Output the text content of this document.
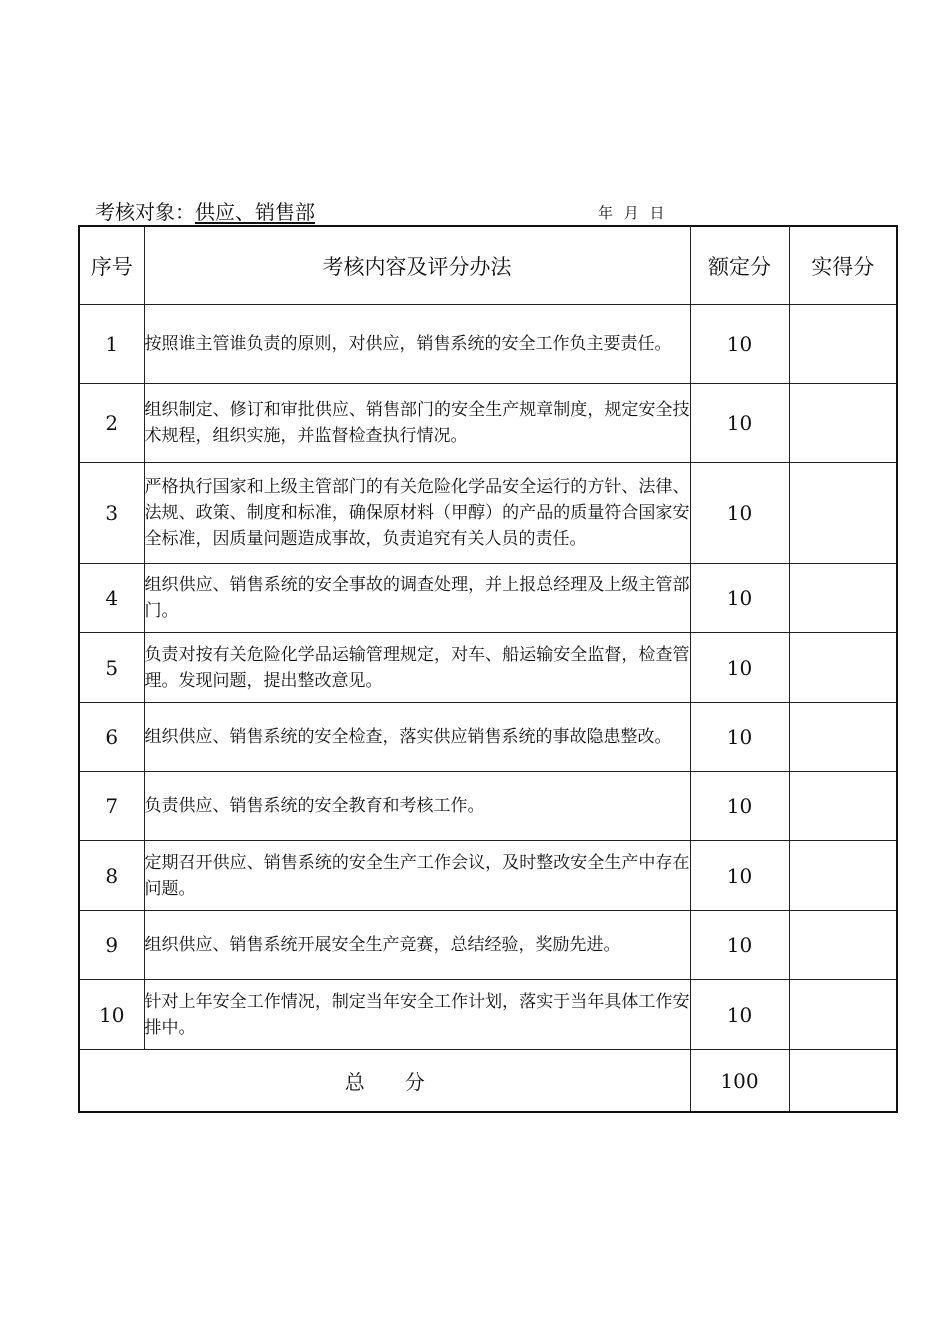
考核对象：供应、销售部	年 月 日
序号	考核内容及评分办法	额定分	实得分
1	按照谁主管谁负责的原则，对供应，销售系统的安全工作负主要责任。	10	
2	组织制定、修订和审批供应、销售部门的安全生产规章制度，规定安全技术规程，组织实施，并监督检查执行情况。	10	
3	严格执行国家和上级主管部门的有关危险化学品安全运行的方针、法律、法规、政策、制度和标准，确保原材料（甲醇）的产品的质量符合国家安全标准，因质量问题造成事故，负责追究有关人员的责任。	10	
4	组织供应、销售系统的安全事故的调查处理，并上报总经理及上级主管部门。	10	
5	负责对按有关危险化学品运输管理规定，对车、船运输安全监督，检查管理。发现问题，提出整改意见。	10	
6	组织供应、销售系统的安全检查，落实供应销售系统的事故隐患整改。	10	
7	负责供应、销售系统的安全教育和考核工作。	10	
8	定期召开供应、销售系统的安全生产工作会议，及时整改安全生产中存在问题。	10	
9	组织供应、销售系统开展安全生产竞赛，总结经验，奖励先进。	10	
10	针对上年安全工作情况，制定当年安全工作计划，落实于当年具体工作安排中。	10	
总　　分		100	
